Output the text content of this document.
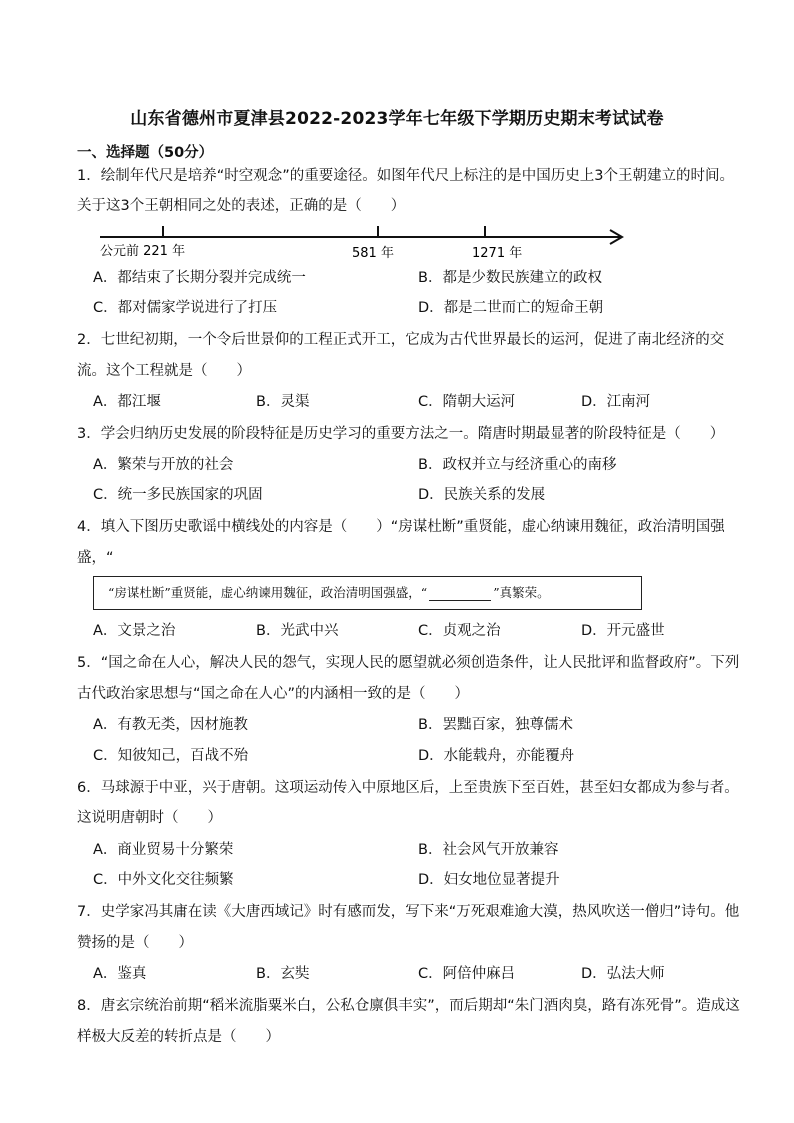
山东省德州市夏津县2022-2023学年七年级下学期历史期末考试试卷
一、选择题（50分）
1．绘制年代尺是培养“时空观念”的重要途径。如图年代尺上标注的是中国历史上3个王朝建立的时间。
关于这3个王朝相同之处的表述，正确的是（　　）
公元前 221 年	581 年	1271 年
A．都结束了长期分裂并完成统一	B．都是少数民族建立的政权
C．都对儒家学说进行了打压	D．都是二世而亡的短命王朝
2．七世纪初期，一个令后世景仰的工程正式开工，它成为古代世界最长的运河，促进了南北经济的交
流。这个工程就是（　　）
A．都江堰	B．灵渠	C．隋朝大运河	D．江南河
3．学会归纳历史发展的阶段特征是历史学习的重要方法之一。隋唐时期最显著的阶段特征是（　　）
A．繁荣与开放的社会	B．政权并立与经济重心的南移
C．统一多民族国家的巩固	D．民族关系的发展
4．填入下图历史歌谣中横线处的内容是（　　）“房谋杜断”重贤能，虚心纳谏用魏征，政治清明国强
盛，“
“房谋杜断”重贤能，虚心纳谏用魏征，政治清明国强盛，“	”真繁荣。
A．文景之治	B．光武中兴	C．贞观之治	D．开元盛世
5．“国之命在人心，解决人民的怨气，实现人民的愿望就必须创造条件，让人民批评和监督政府”。下列
古代政治家思想与“国之命在人心”的内涵相一致的是（　　）
A．有教无类，因材施教	B．罢黜百家，独尊儒术
C．知彼知己，百战不殆	D．水能载舟，亦能覆舟
6．马球源于中亚，兴于唐朝。这项运动传入中原地区后，上至贵族下至百姓，甚至妇女都成为参与者。
这说明唐朝时（　　）
A．商业贸易十分繁荣	B．社会风气开放兼容
C．中外文化交往频繁	D．妇女地位显著提升
7．史学家冯其庸在读《大唐西域记》时有感而发，写下来“万死艰难逾大漠，热风吹送一僧归”诗句。他
赞扬的是（　　）
A．鉴真	B．玄奘	C．阿倍仲麻吕	D．弘法大师
8．唐玄宗统治前期“稻米流脂粟米白，公私仓廪俱丰实”，而后期却“朱门酒肉臭，路有冻死骨”。造成这
样极大反差的转折点是（　　）
